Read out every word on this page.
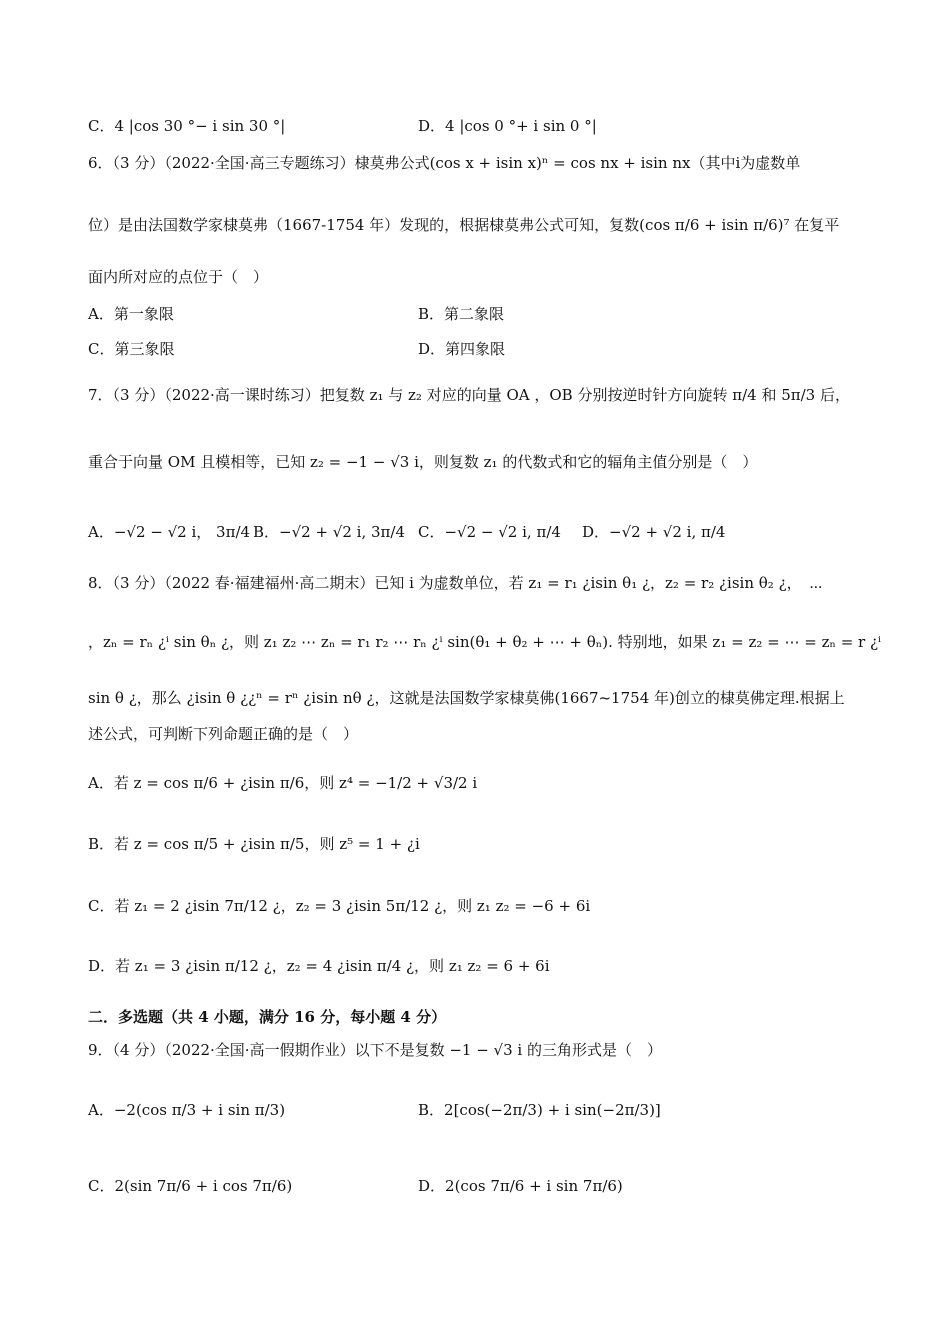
C．4 |cos 30 °− i sin 30 °|	D．4 |cos 0 °+ i sin 0 °|
6．（3 分）（2022·全国·高三专题练习）棣莫弗公式(cos x + isin x)ⁿ = cos nx + isin nx（其中i为虚数单
位）是由法国数学家棣莫弗（1667-1754 年）发现的，根据棣莫弗公式可知，复数(cos π/6 + isin π/6)⁷ 在复平
面内所对应的点位于（　）
A．第一象限	B．第二象限
C．第三象限	D．第四象限
7．（3 分）（2022·高一课时练习）把复数 z₁ 与 z₂ 对应的向量 OA ，OB 分别按逆时针方向旋转 π/4 和 5π/3 后，
重合于向量 OM 且模相等，已知 z₂ = −1 − √3 i，则复数 z₁ 的代数式和它的辐角主值分别是（　）
A．−√2 − √2 i， 3π/4 B．−√2 + √2 i, 3π/4 C．−√2 − √2 i, π/4 D．−√2 + √2 i, π/4
8．（3 分）（2022 春·福建福州·高二期末）已知 i 为虚数单位，若 z₁ = r₁ ¿isin θ₁ ¿，z₂ = r₂ ¿isin θ₂ ¿，　⋯
，zₙ = rₙ ¿ⁱ sin θₙ ¿，则 z₁ z₂ ⋯ zₙ = r₁ r₂ ⋯ rₙ ¿ⁱ sin(θ₁ + θ₂ + ⋯ + θₙ). 特别地，如果 z₁ = z₂ = ⋯ = zₙ = r ¿ⁱ
sin θ ¿，那么 ¿isin θ ¿¿ⁿ = rⁿ ¿isin nθ ¿，这就是法国数学家棣莫佛(1667~1754 年)创立的棣莫佛定理.根据上
述公式，可判断下列命题正确的是（　）
A．若 z = cos π/6 + ¿isin π/6，则 z⁴ = −1/2 + √3/2 i
B．若 z = cos π/5 + ¿isin π/5，则 z⁵ = 1 + ¿i
C．若 z₁ = 2 ¿isin 7π/12 ¿，z₂ = 3 ¿isin 5π/12 ¿，则 z₁ z₂ = −6 + 6i
D．若 z₁ = 3 ¿isin π/12 ¿，z₂ = 4 ¿isin π/4 ¿，则 z₁ z₂ = 6 + 6i
二．多选题（共 4 小题，满分 16 分，每小题 4 分）
9．（4 分）（2022·全国·高一假期作业）以下不是复数 −1 − √3 i 的三角形式是（　）
A．−2(cos π/3 + i sin π/3)	B．2[cos(−2π/3) + i sin(−2π/3)]
C．2(sin 7π/6 + i cos 7π/6)	D．2(cos 7π/6 + i sin 7π/6)
